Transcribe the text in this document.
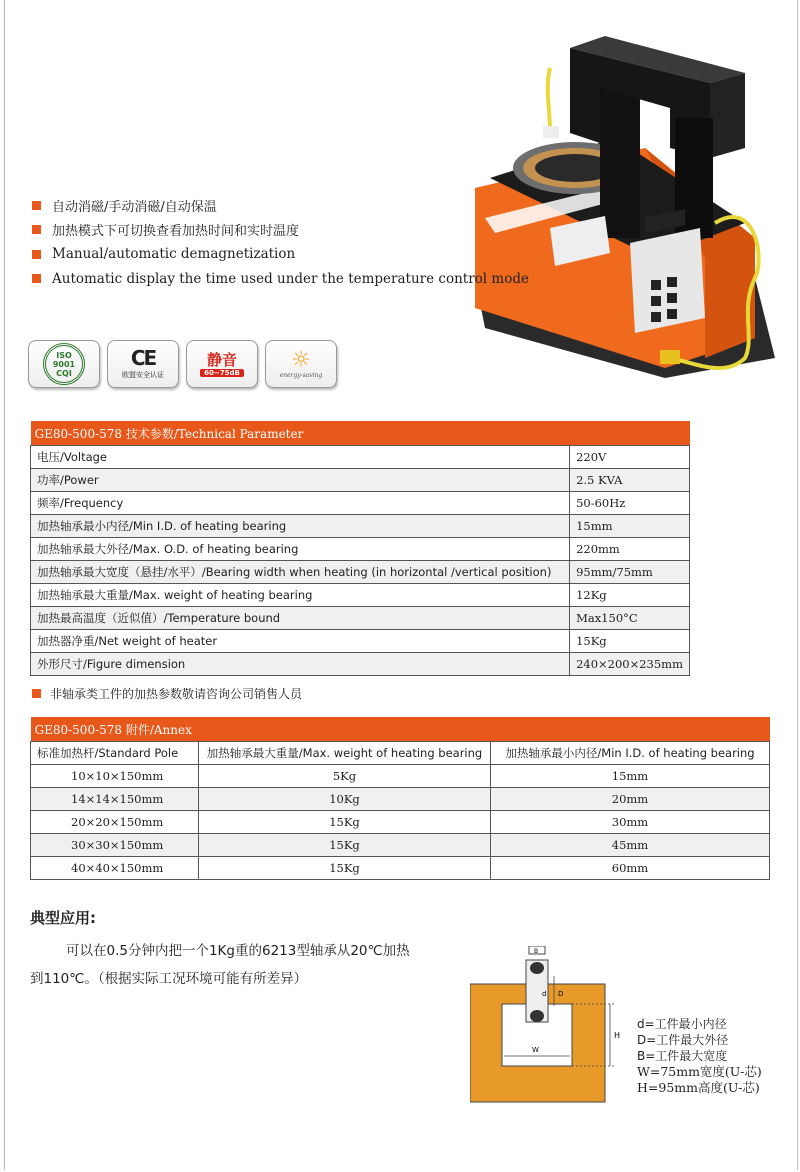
自动消磁/手动消磁/自动保温
加热模式下可切换查看加热时间和实时温度
Manual/automatic demagnetization
Automatic display the time used under the temperature control mode
ISO
9001
CQI
CE
欧盟安全认证
静音
60~75dB
☼
energy-saving
GE80-500-578 技术参数/Technical Parameter	
电压/Voltage	220V
功率/Power	2.5 KVA
频率/Frequency	50-60Hz
加热轴承最小内径/Min I.D. of heating bearing	15mm
加热轴承最大外径/Max. O.D. of heating bearing	220mm
加热轴承最大宽度（悬挂/水平）/Bearing width when heating (in horizontal /vertical position)	95mm/75mm
加热轴承最大重量/Max. weight of heating bearing	12Kg
加热最高温度（近似值）/Temperature bound	Max150°C
加热器净重/Net weight of heater	15Kg
外形尺寸/Figure dimension	240×200×235mm
非轴承类工件的加热参数敬请咨询公司销售人员
GE80-500-578 附件/Annex		
标准加热杆/Standard Pole	加热轴承最大重量/Max. weight of heating bearing	加热轴承最小内径/Min I.D. of heating bearing
10×10×150mm	5Kg	15mm
14×14×150mm	10Kg	20mm
20×20×150mm	15Kg	30mm
30×30×150mm	15Kg	45mm
40×40×150mm	15Kg	60mm
典型应用:
可以在0.5分钟内把一个1Kg重的6213型轴承从20℃加热
到110℃。（根据实际工况环境可能有所差异）
B
D
d
H
W
d=工件最小内径
D=工件最大外径
B=工件最大宽度
W=75mm宽度(U-芯)
H=95mm高度(U-芯)
